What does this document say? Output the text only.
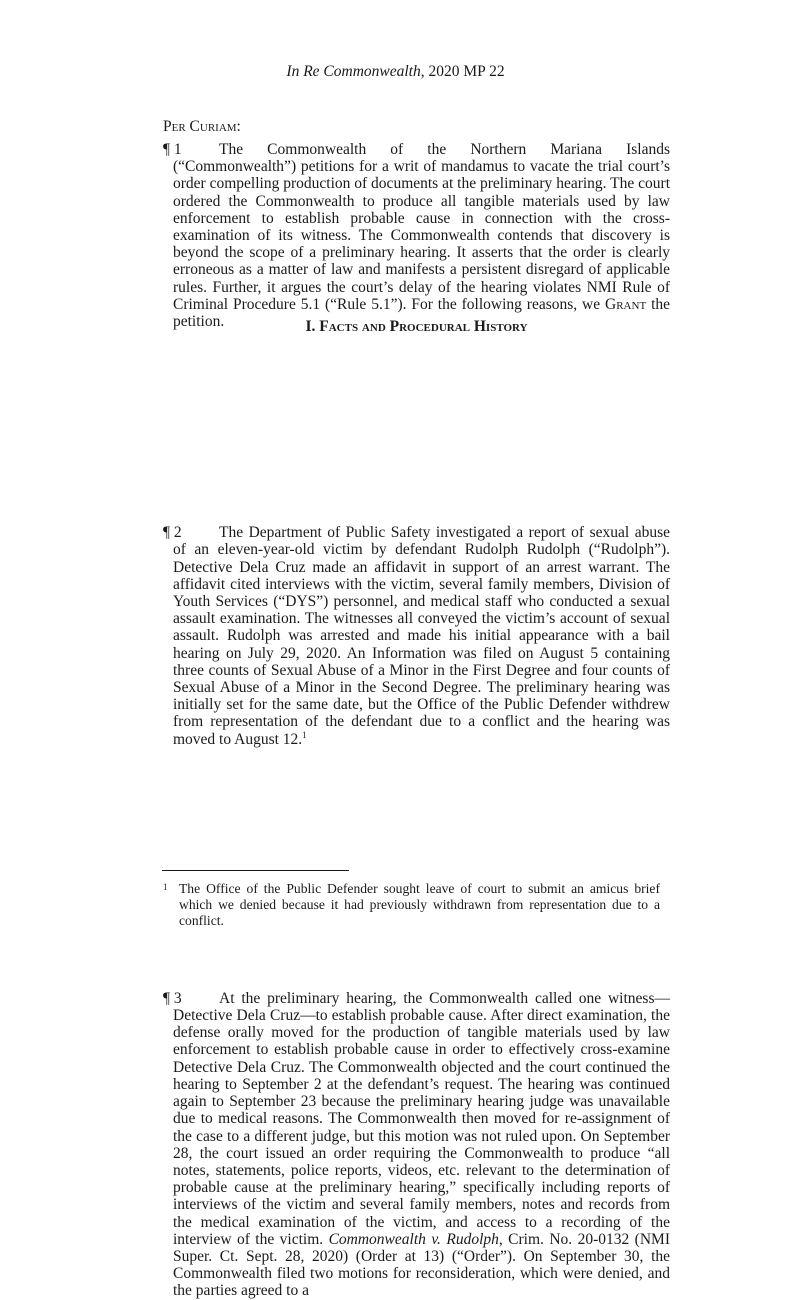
In Re Commonwealth, 2020 MP 22
Per Curiam:
¶ 1	The Commonwealth of the Northern Mariana Islands (“Commonwealth”) petitions for a writ of mandamus to vacate the trial court’s order compelling production of documents at the preliminary hearing. The court ordered the Commonwealth to produce all tangible materials used by law enforcement to establish probable cause in connection with the cross-examination of its witness. The Commonwealth contends that discovery is beyond the scope of a preliminary hearing. It asserts that the order is clearly erroneous as a matter of law and manifests a persistent disregard of applicable rules. Further, it argues the court’s delay of the hearing violates NMI Rule of Criminal Procedure 5.1 (“Rule 5.1”). For the following reasons, we Grant the petition.	I. Facts and Procedural History
¶ 2	The Department of Public Safety investigated a report of sexual abuse of an eleven-year-old victim by defendant Rudolph Rudolph (“Rudolph”). Detective Dela Cruz made an affidavit in support of an arrest warrant. The affidavit cited interviews with the victim, several family members, Division of Youth Services (“DYS”) personnel, and medical staff who conducted a sexual assault examination. The witnesses all conveyed the victim’s account of sexual assault. Rudolph was arrested and made his initial appearance with a bail hearing on July 29, 2020. An Information was filed on August 5 containing three counts of Sexual Abuse of a Minor in the First Degree and four counts of Sexual Abuse of a Minor in the Second Degree. The preliminary hearing was initially set for the same date, but the Office of the Public Defender withdrew from representation of the defendant due to a conflict and the hearing was moved to August 12.$^1$
¶ 3	At the preliminary hearing, the Commonwealth called one witness—Detective Dela Cruz—to establish probable cause. After direct examination, the defense orally moved for the production of tangible materials used by law enforcement to establish probable cause in order to effectively cross-examine Detective Dela Cruz. The Commonwealth objected and the court continued the hearing to September 2 at the defendant’s request. The hearing was continued again to September 23 because the preliminary hearing judge was unavailable due to medical reasons. The Commonwealth then moved for re-assignment of the case to a different judge, but this motion was not ruled upon. On September 28, the court issued an order requiring the Commonwealth to produce “all notes, statements, police reports, videos, etc. relevant to the determination of probable cause at the preliminary hearing,” specifically including reports of interviews of the victim and several family members, notes and records from the medical examination of the victim, and access to a recording of the interview of the victim. Commonwealth v. Rudolph, Crim. No. 20-0132 (NMI Super. Ct. Sept. 28, 2020) (Order at 13) (“Order”). On September 30, the Commonwealth filed two motions for reconsideration, which were denied, and the parties agreed to a
1 The Office of the Public Defender sought leave of court to submit an amicus brief which we denied because it had previously withdrawn from representation due to a conflict.
